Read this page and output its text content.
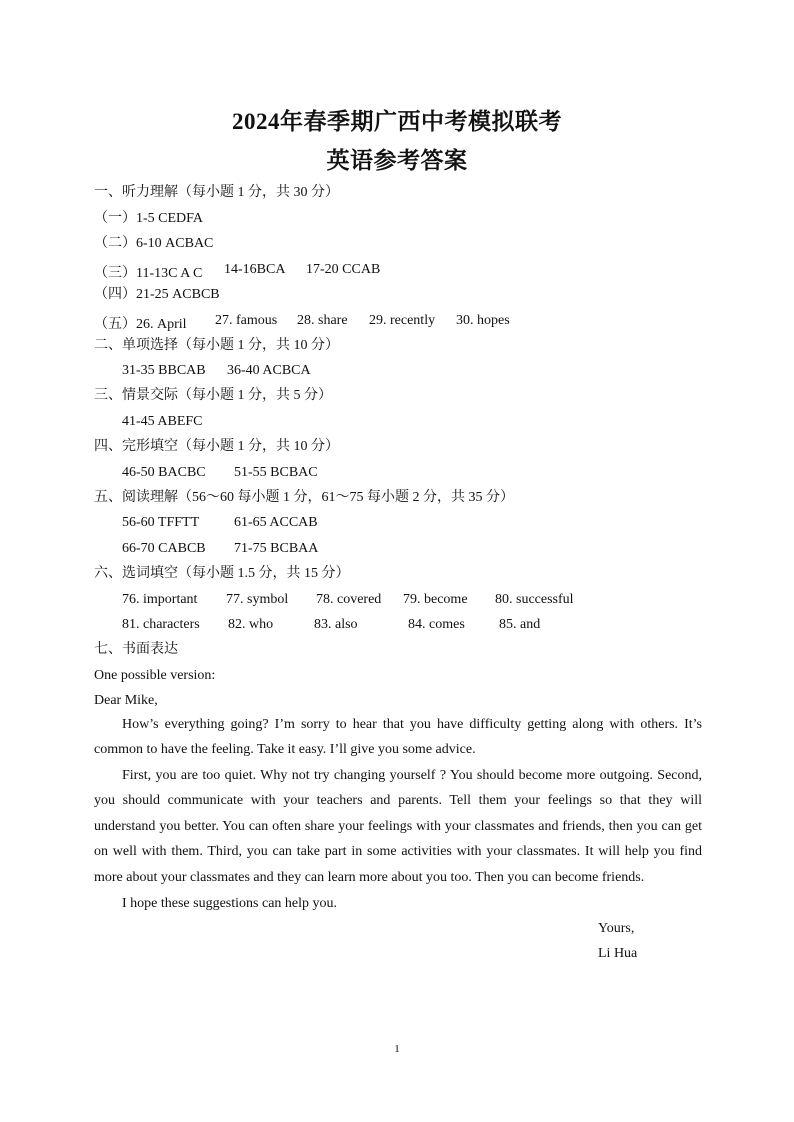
2024年春季期广西中考模拟联考
英语参考答案
一、听力理解（每小题 1 分，共 30 分）
（一）1-5 CEDFA
（二）6-10 ACBAC
（三）11-13C A C 14-16BCA 17-20 CCAB
（四）21-25 ACBCB
（五）26. April 27. famous 28. share 29. recently 30. hopes
二、单项选择（每小题 1 分，共 10 分）
31-35 BBCAB 36-40 ACBCA
三、情景交际（每小题 1 分，共 5 分）
41-45 ABEFC
四、完形填空（每小题 1 分，共 10 分）
46-50 BACBC 51-55 BCBAC
五、阅读理解（56～60 每小题 1 分，61～75 每小题 2 分，共 35 分）
56-60 TFFTT 61-65 ACCAB
66-70 CABCB 71-75 BCBAA
六、选词填空（每小题 1.5 分，共 15 分）
76. important 77. symbol 78. covered 79. become 80. successful
81. characters 82. who	83. also	84. comes 85. and
七、书面表达
One possible version:
Dear Mike,
How’s everything going? I’m sorry to hear that you have difficulty getting along with others. It’s common to have the feeling. Take it easy. I’ll give you some advice.
First, you are too quiet. Why not try changing yourself ? You should become more outgoing. Second, you should communicate with your teachers and parents. Tell them your feelings so that they will understand you better. You can often share your feelings with your classmates and friends, then you can get on well with them. Third, you can take part in some activities with your classmates. It will help you find more about your classmates and they can learn more about you too. Then you can become friends.
I hope these suggestions can help you.
Yours,
Li Hua
1
